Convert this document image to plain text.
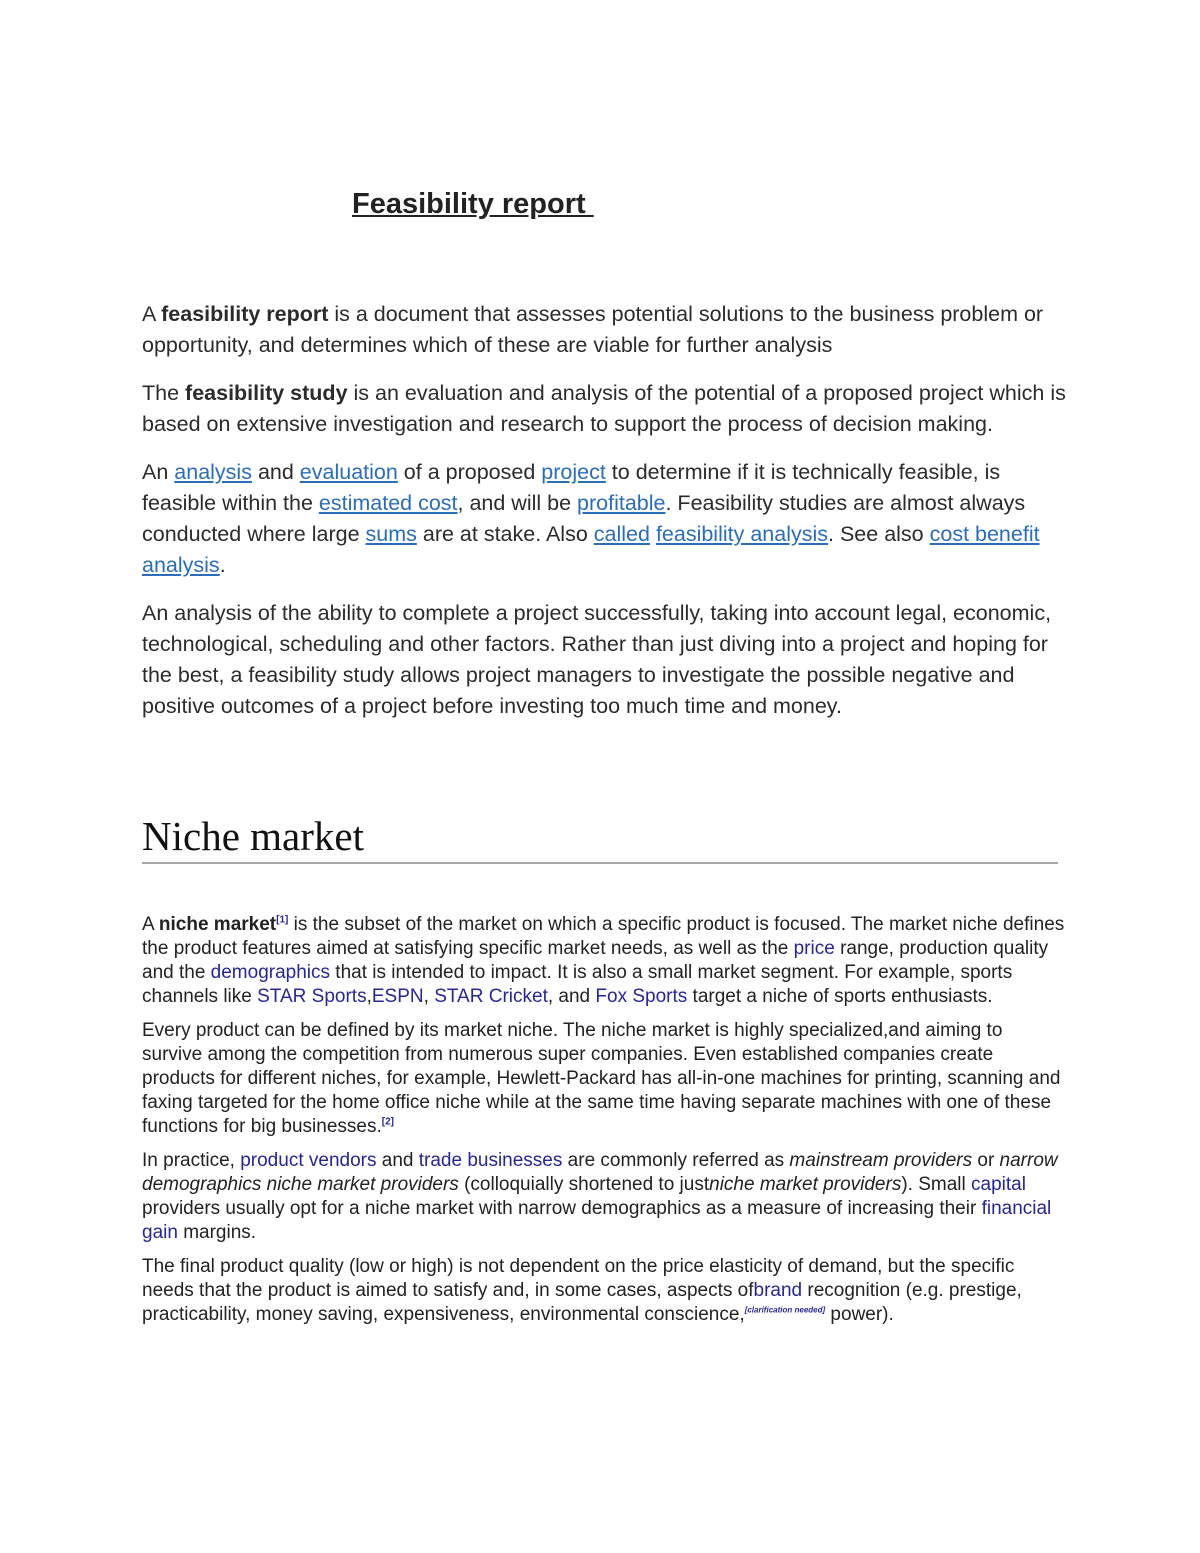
Feasibility report

A feasibility report is a document that assesses potential solutions to the business problem or opportunity, and determines which of these are viable for further analysis

The feasibility study is an evaluation and analysis of the potential of a proposed project which is based on extensive investigation and research to support the process of decision making.

An analysis and evaluation of a proposed project to determine if it is technically feasible, is feasible within the estimated cost, and will be profitable. Feasibility studies are almost always conducted where large sums are at stake. Also called feasibility analysis. See also cost benefit analysis.

An analysis of the ability to complete a project successfully, taking into account legal, economic, technological, scheduling and other factors. Rather than just diving into a project and hoping for the best, a feasibility study allows project managers to investigate the possible negative and positive outcomes of a project before investing too much time and money.

Niche market

A niche market[1] is the subset of the market on which a specific product is focused. The market niche defines the product features aimed at satisfying specific market needs, as well as the price range, production quality and the demographics that is intended to impact. It is also a small market segment. For example, sports channels like STAR Sports,ESPN, STAR Cricket, and Fox Sports target a niche of sports enthusiasts.

Every product can be defined by its market niche. The niche market is highly specialized,and aiming to survive among the competition from numerous super companies. Even established companies create products for different niches, for example, Hewlett-Packard has all-in-one machines for printing, scanning and faxing targeted for the home office niche while at the same time having separate machines with one of these functions for big businesses.[2]

In practice, product vendors and trade businesses are commonly referred as mainstream providers or narrow demographics niche market providers (colloquially shortened to justniche market providers). Small capital providers usually opt for a niche market with narrow demographics as a measure of increasing their financial gain margins.

The final product quality (low or high) is not dependent on the price elasticity of demand, but the specific needs that the product is aimed to satisfy and, in some cases, aspects ofbrand recognition (e.g. prestige, practicability, money saving, expensiveness, environmental conscience,[clarification needed] power).
